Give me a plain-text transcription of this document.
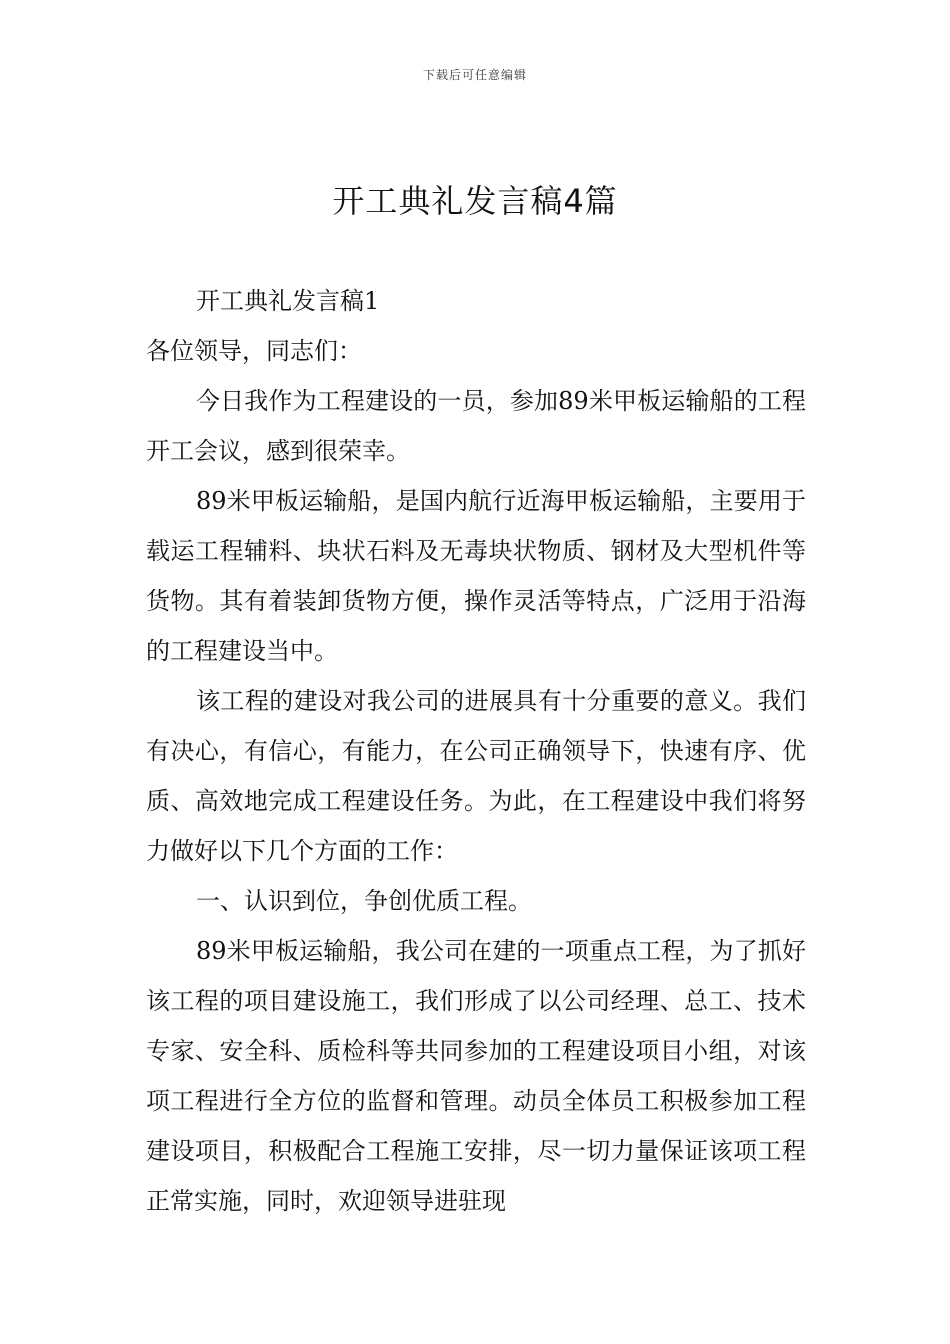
下载后可任意编辑
开工典礼发言稿4篇

开工典礼发言稿1

各位领导，同志们：

今日我作为工程建设的一员，参加89米甲板运输船的工程开工会议，感到很荣幸。

89米甲板运输船，是国内航行近海甲板运输船，主要用于载运工程辅料、块状石料及无毒块状物质、钢材及大型机件等货物。其有着装卸货物方便，操作灵活等特点，广泛用于沿海的工程建设当中。

该工程的建设对我公司的进展具有十分重要的意义。我们有决心，有信心，有能力，在公司正确领导下，快速有序、优质、高效地完成工程建设任务。为此，在工程建设中我们将努力做好以下几个方面的工作：

一、认识到位，争创优质工程。

89米甲板运输船，我公司在建的一项重点工程，为了抓好该工程的项目建设施工，我们形成了以公司经理、总工、技术专家、安全科、质检科等共同参加的工程建设项目小组，对该项工程进行全方位的监督和管理。动员全体员工积极参加工程建设项目，积极配合工程施工安排，尽一切力量保证该项工程正常实施，同时，欢迎领导进驻现
